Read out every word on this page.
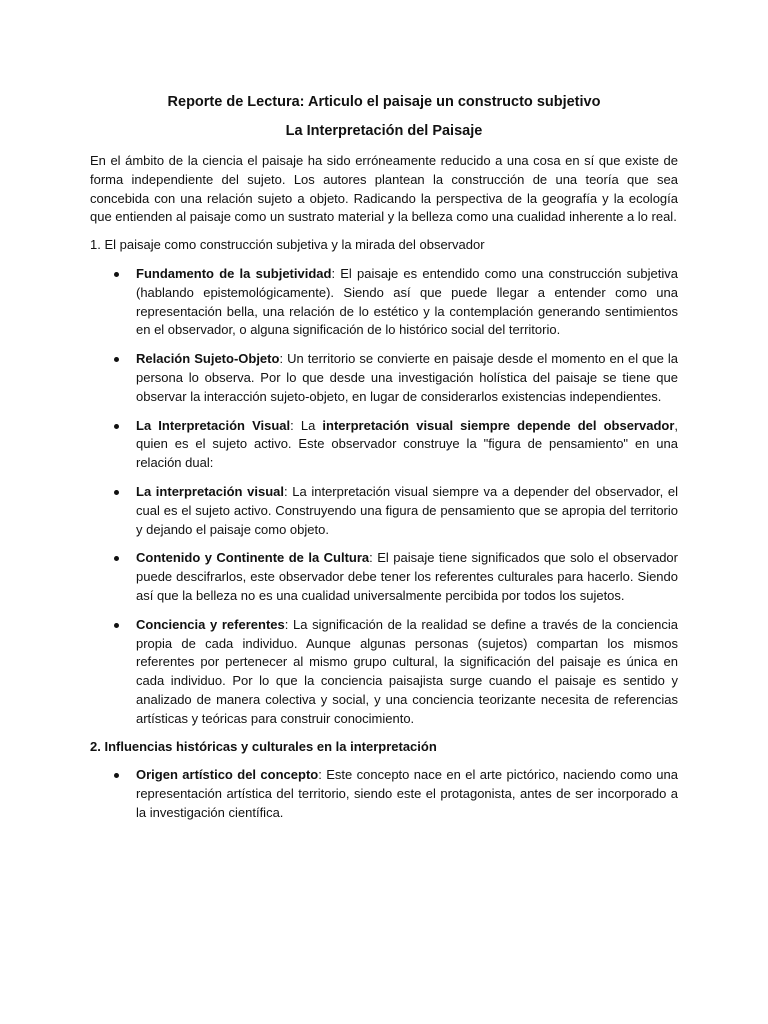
Reporte de Lectura: Articulo el paisaje un constructo subjetivo

La Interpretación del Paisaje

En el ámbito de la ciencia el paisaje ha sido erróneamente reducido a una cosa en sí que existe de forma independiente del sujeto. Los autores plantean la construcción de una teoría que sea concebida con una relación sujeto a objeto. Radicando la perspectiva de la geografía y la ecología que entienden al paisaje como un sustrato material y la belleza como una cualidad inherente a lo real.

1. El paisaje como construcción subjetiva y la mirada del observador

Fundamento de la subjetividad: El paisaje es entendido como una construcción subjetiva (hablando epistemológicamente). Siendo así que puede llegar a entender como una representación bella, una relación de lo estético y la contemplación generando sentimientos en el observador, o alguna significación de lo histórico social del territorio.
Relación Sujeto-Objeto: Un territorio se convierte en paisaje desde el momento en el que la persona lo observa. Por lo que desde una investigación holística del paisaje se tiene que observar la interacción sujeto-objeto, en lugar de considerarlos existencias independientes.
La Interpretación Visual: La interpretación visual siempre depende del observador, quien es el sujeto activo. Este observador construye la "figura de pensamiento" en una relación dual:
La interpretación visual: La interpretación visual siempre va a depender del observador, el cual es el sujeto activo. Construyendo una figura de pensamiento que se apropia del territorio y dejando el paisaje como objeto.
Contenido y Continente de la Cultura: El paisaje tiene significados que solo el observador puede descifrarlos, este observador debe tener los referentes culturales para hacerlo. Siendo así que la belleza no es una cualidad universalmente percibida por todos los sujetos.
Conciencia y referentes: La significación de la realidad se define a través de la conciencia propia de cada individuo. Aunque algunas personas (sujetos) compartan los mismos referentes por pertenecer al mismo grupo cultural, la significación del paisaje es única en cada individuo. Por lo que la conciencia paisajista surge cuando el paisaje es sentido y analizado de manera colectiva y social, y una conciencia teorizante necesita de referencias artísticas y teóricas para construir conocimiento.

2. Influencias históricas y culturales en la interpretación

Origen artístico del concepto: Este concepto nace en el arte pictórico, naciendo como una representación artística del territorio, siendo este el protagonista, antes de ser incorporado a la investigación científica.
